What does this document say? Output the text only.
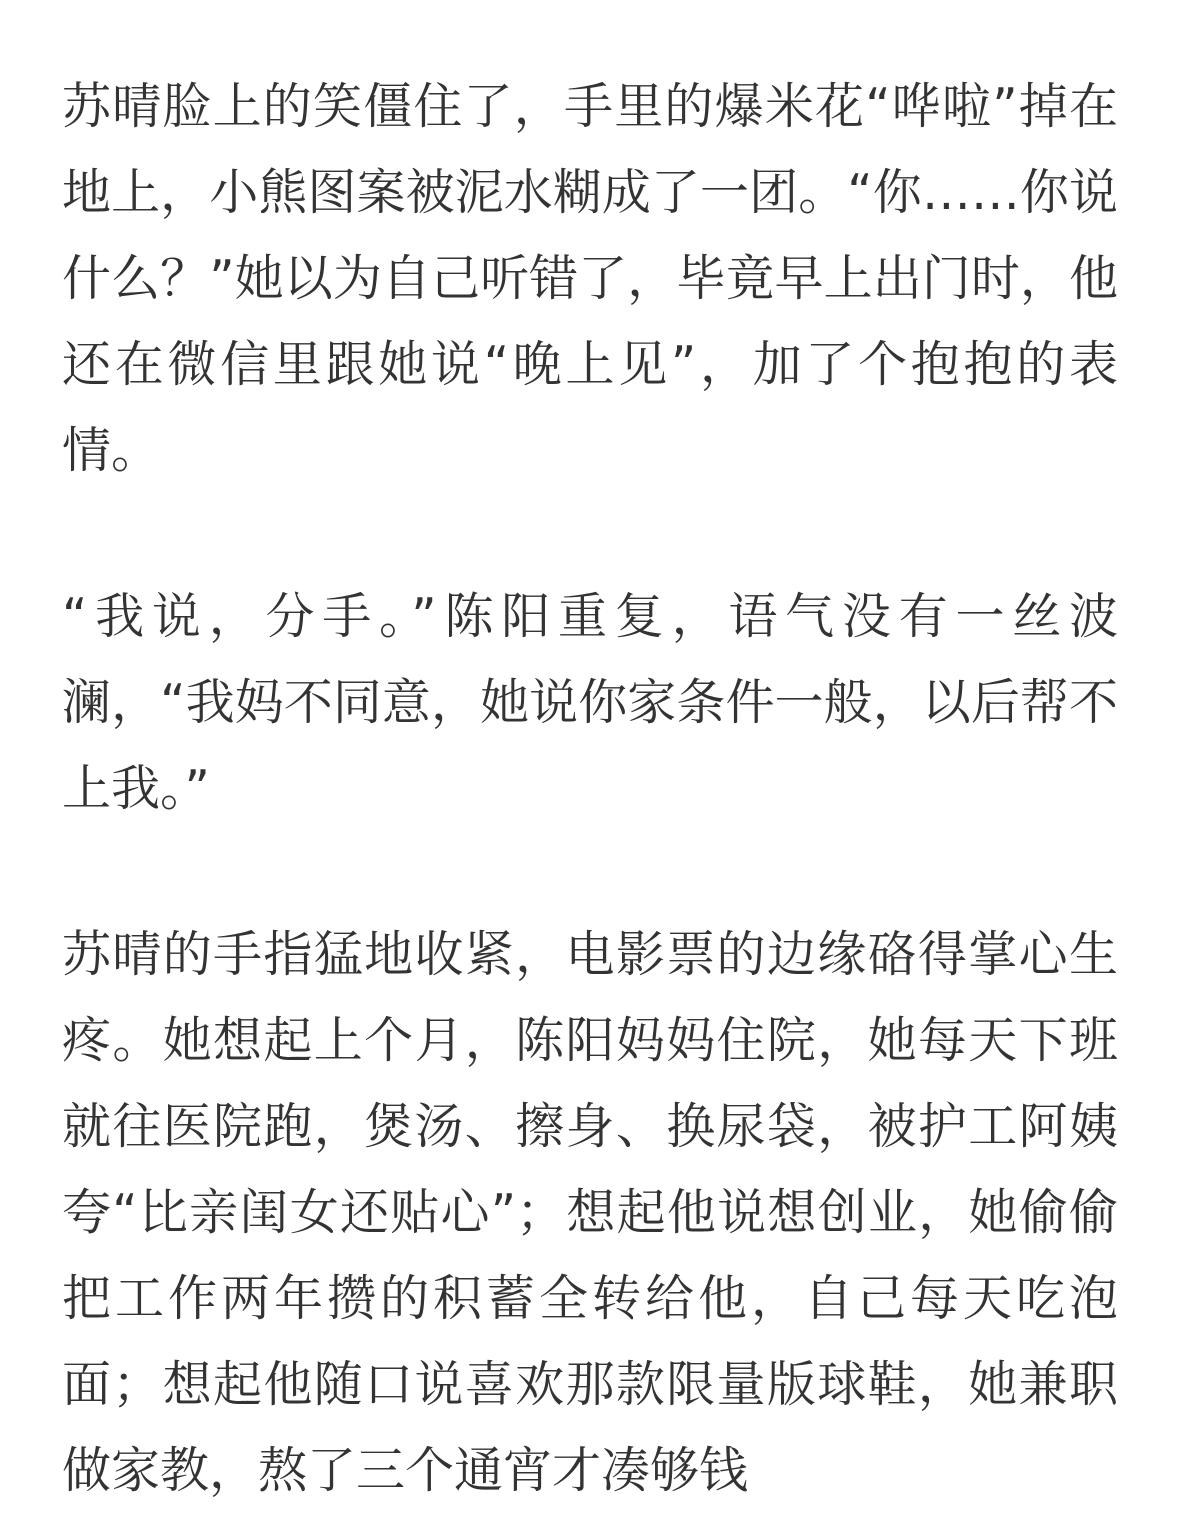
苏晴脸上的笑僵住了，手里的爆米花“哗啦”掉在地上，小熊图案被泥水糊成了一团。“你……你说什么？”她以为自己听错了，毕竟早上出门时，他还在微信里跟她说“晚上见”，加了个抱抱的表情。

“我说，分手。”陈阳重复，语气没有一丝波澜，“我妈不同意，她说你家条件一般，以后帮不上我。”

苏晴的手指猛地收紧，电影票的边缘硌得掌心生疼。她想起上个月，陈阳妈妈住院，她每天下班就往医院跑，煲汤、擦身、换尿袋，被护工阿姨夸“比亲闺女还贴心”；想起他说想创业，她偷偷把工作两年攒的积蓄全转给他，自己每天吃泡面；想起他随口说喜欢那款限量版球鞋，她兼职做家教，熬了三个通宵才凑够钱
